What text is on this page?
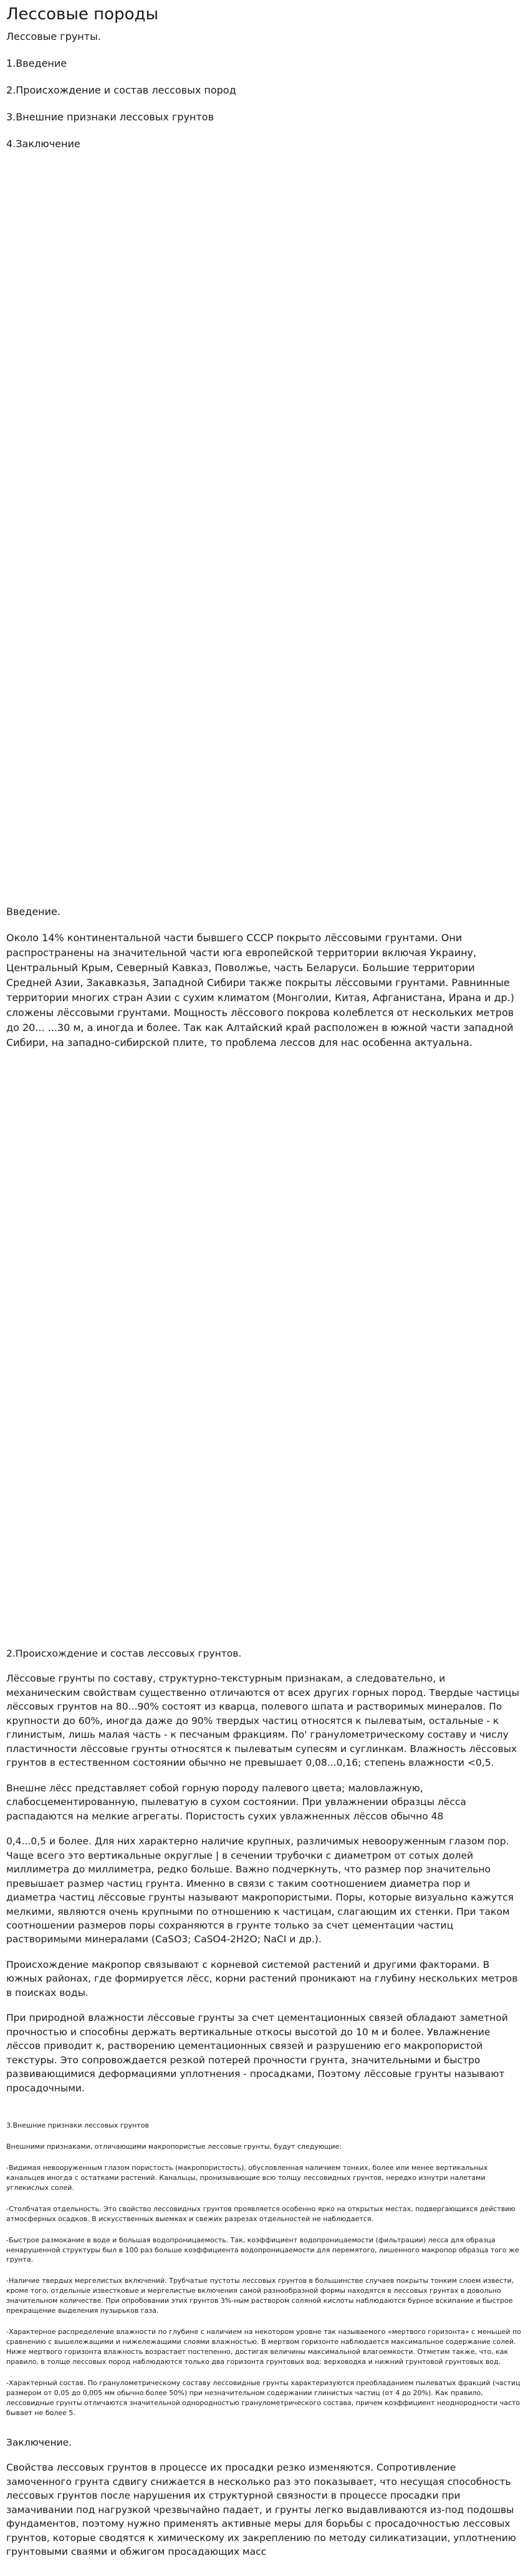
Лессовые породы

Лессовые грунты.

1.Введение

2.Происхождение и состав лессовых пород

3.Внешние признаки лессовых грунтов

4.Заключение

Введение.

Около 14% континентальной части бывшего СССР покрыто лёссовыми грунтами. Они распространены на значительной части юга европейской территории включая Украину, Центральный Крым, Северный Кавказ, Поволжье, часть Беларуси. Большие территории Средней Азии, Закавказья, Западной Сибири также покрыты лёссовыми грунтами. Равнинные территории многих стран Азии с сухим климатом (Монголии, Китая, Афганистана, Ирана и др.) сложены лёссовыми грунтами. Мощность лёссового покрова колеблется от нескольких метров до 20... ...30 м, а иногда и более. Так как Алтайский край расположен в южной части западной Сибири, на западно-сибирской плите, то проблема лессов для нас особенна актуальна.

2.Происхождение и состав лессовых грунтов.

Лёссовые грунты по составу, структурно-текстурным признакам, а следовательно, и механическим свойствам существенно отличаются от всех других горных пород. Твердые частицы лёссовых грунтов на 80...90% состоят из кварца, полевого шпата и растворимых минералов. По крупности до 60%, иногда даже до 90% твердых частиц относятся к пылеватым, остальные - к глинистым, лишь малая часть - к песчаным фракциям. По' гранулометрическому составу и числу пластичности лёссовые грунты относятся к пылеватым супесям и суглинкам. Влажность лёссовых грунтов в естественном состоянии обычно не превышает 0,08...0,16; степень влажности <0,5.

Внешне лёсс представляет собой горную породу палевого цвета; маловлажную, слабосцементированную, пылеватую в сухом состоянии. При увлажнении образцы лёсса распадаются на мелкие агрегаты. Пористость сухих увлажненных лёссов обычно 48

0,4...0,5 и более. Для них характерно наличие крупных, различимых невооруженным глазом пор. Чаще всего это вертикальные округлые | в сечении трубочки с диаметром от сотых долей миллиметра до миллиметра, редко больше. Важно подчеркнуть, что размер пор значительно превышает размер частиц грунта. Именно в связи с таким соотношением диаметра пор и диаметра частиц лёссовые грунты называют макропористыми. Поры, которые визуально кажутся мелкими, являются очень крупными по отношению к частицам, слагающим их стенки. При таком соотношении размеров поры сохраняются в грунте только за счет цементации частиц растворимыми минералами (CaSO3; CaSO4-2H2O; NaCI и др.).

Происхождение макропор связывают с корневой системой растений и другими факторами. В южных районах, где формируется лёсс, корни растений проникают на глубину нескольких метров в поисках воды.

При природной влажности лёссовые грунты за счет цементационных связей обладают заметной прочностью и способны держать вертикальные откосы высотой до 10 м и более. Увлажнение лёссов приводит к, растворению цементационных связей и разрушению его макропористой текстуры. Это сопровождается резкой потерей прочности грунта, значительными и быстро развивающимися деформациями уплотнения - просадками, Поэтому лёссовые грунты называют просадочными.

3.Внешние признаки лессовых грунтов

Внешними признаками, отличающими макропористые лессовые грунты, будут следующие:

-Видимая невооруженным глазом пористость (макропористость), обусловленная наличием тонких, более или менее вертикальных канальцев иногда с остатками растений. Канальцы, пронизывающие всю толщу лессовидных грунтов, нередко изнутри налетами углекислых солей.

-Столбчатая отдельность. Это свойство лессовидных грунтов проявляется особенно ярко на открытых местах, подвергающихся действию атмосферных осадков. В искусственных выемках и свежих разрезах отдельностей не наблюдается.

-Быстрое размокание в воде и большая водопроницаемость. Так, коэффициент водопроницаемости (фильтрации) лесса для образца ненарушенной структуры был в 100 раз больше коэффициента водопроницаемости для перемятого, лишенного макропор образца того же грунта.

-Наличие твердых мергелистых включений. Трубчатые пустоты лессовых грунтов в большинстве случаев покрыты тонким слоем извести, кроме того, отдельные известковые и мергелистые включения самой разнообразной формы находятся в лессовых грунтах в довольно значительном количестве. При опробовании этих грунтов 3%-ным раствором соляной кислоты наблюдаются бурное вскипание и быстрое прекращение выделения пузырьков газа.

-Характерное распределение влажности по глубине с наличием на некотором уровне так называемого «мертвого горизонта» с меньшей по сравнению с вышележащими и нижележащими слоями влажностью. В мертвом горизонте наблюдается максимальное содержание солей. Ниже мертвого горизонта влажность возрастает постепенно, достигая величины максимальной влагоемкости. Отметим также, что, как правило, в толще лессовых пород наблюдаются только два горизонта грунтовых вод: верховодка и нижний грунтовой грунтовых вод.

-Характерный состав. По гранулометрическому составу лессовидные грунты характеризуются преобладанием пылеватых фракций (частиц размером от 0,05 до 0,005 мм обычно более 50%) при незначительном содержании глинистых частиц (от 4 до 20%). Как правило, лессовидные грунты отличаются значительной однородностью гранулометрического состава, причем коэффициент неоднородности часто бывает не более 5.

Заключение.

Свойства лессовых грунтов в процессе их просадки резко изменяются. Сопротивление замоченного грунта сдвигу снижается в несколько раз это показывает, что несущая способность лессовых грунтов после нарушения их структурной связности в процессе просадки при замачивании под нагрузкой чрезвычайно падает, и грунты легко выдавливаются из-под подошвы фундаментов, поэтому нужно применять активные меры для борьбы с просадочностью лессовых грунтов, которые сводятся к химическому их закреплению по методу силикатизации, уплотнению грунтовыми сваями и обжигом просадающих масс
